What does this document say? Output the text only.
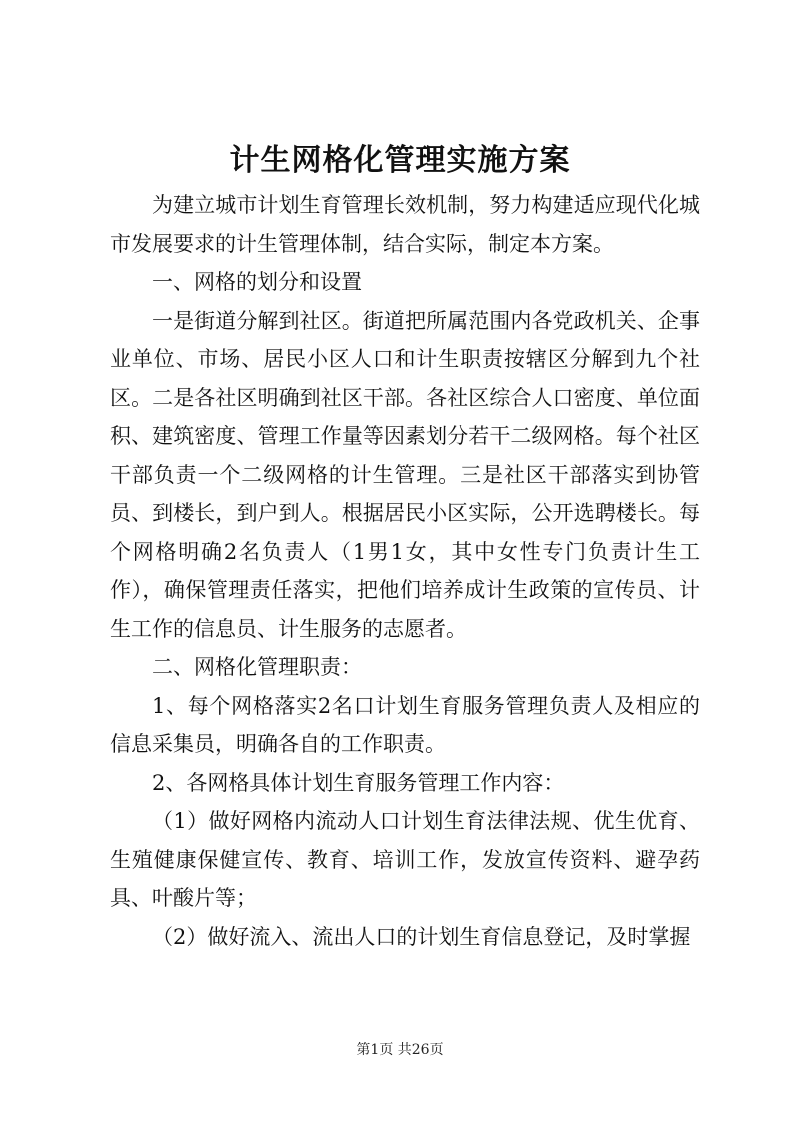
计生网格化管理实施方案

为建立城市计划生育管理长效机制，努力构建适应现代化城市发展要求的计生管理体制，结合实际，制定本方案。

一、网格的划分和设置

一是街道分解到社区。街道把所属范围内各党政机关、企事业单位、市场、居民小区人口和计生职责按辖区分解到九个社区。二是各社区明确到社区干部。各社区综合人口密度、单位面积、建筑密度、管理工作量等因素划分若干二级网格。每个社区干部负责一个二级网格的计生管理。三是社区干部落实到协管员、到楼长，到户到人。根据居民小区实际，公开选聘楼长。每个网格明确2名负责人（1男1女，其中女性专门负责计生工作），确保管理责任落实，把他们培养成计生政策的宣传员、计生工作的信息员、计生服务的志愿者。

二、网格化管理职责：

1、每个网格落实2名口计划生育服务管理负责人及相应的信息采集员，明确各自的工作职责。

2、各网格具体计划生育服务管理工作内容：

（1）做好网格内流动人口计划生育法律法规、优生优育、生殖健康保健宣传、教育、培训工作，发放宣传资料、避孕药具、叶酸片等；

（2）做好流入、流出人口的计划生育信息登记，及时掌握

第1页 共26页
